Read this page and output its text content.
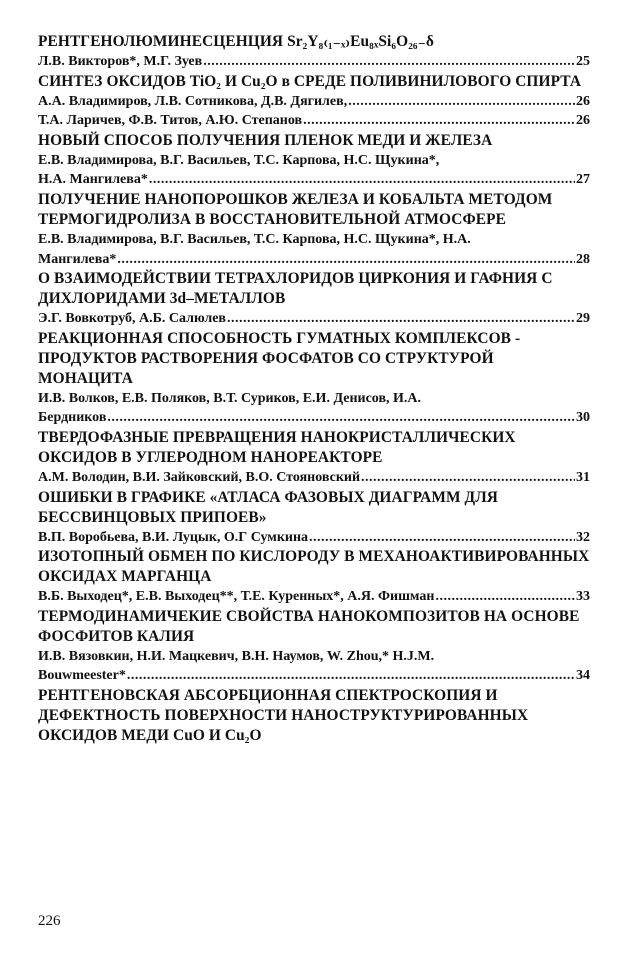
РЕНТГЕНОЛЮМИНЕСЦЕНЦИЯ Sr₂Y₈₍₁₋ₓ₎Eu₈ₓSi₆O₂₆₋δ
Л.В. Викторов*, М.Г. Зуев .....	25
СИНТЕЗ ОКСИДОВ TiO₂ И Cu₂O в СРЕДЕ ПОЛИВИНИЛОВОГО СПИРТА
А.А. Владимиров, Л.В. Сотникова, Д.В. Дягилев, .....	26
Т.А. Ларичев, Ф.В. Титов, А.Ю. Степанов .....	26
НОВЫЙ СПОСОБ ПОЛУЧЕНИЯ ПЛЕНОК МЕДИ И ЖЕЛЕЗА
Е.В. Владимирова, В.Г. Васильев, Т.С. Карпова, Н.С. Щукина*,
Н.А. Мангилева* .....	27
ПОЛУЧЕНИЕ НАНОПОРОШКОВ ЖЕЛЕЗА И КОБАЛЬТА МЕТОДОМ ТЕРМОГИДРОЛИЗА В ВОССТАНОВИТЕЛЬНОЙ АТМОСФЕРЕ
Е.В. Владимирова, В.Г. Васильев, Т.С. Карпова, Н.С. Щукина*, Н.А.
Мангилева* .....	28
О ВЗАИМОДЕЙСТВИИ ТЕТРАХЛОРИДОВ ЦИРКОНИЯ И ГАФНИЯ С ДИХЛОРИДАМИ 3d–МЕТАЛЛОВ
Э.Г. Вовкотруб, А.Б. Салюлев .....	29
РЕАКЦИОННАЯ СПОСОБНОСТЬ ГУМАТНЫХ КОМПЛЕКСОВ - ПРОДУКТОВ РАСТВОРЕНИЯ ФОСФАТОВ СО СТРУКТУРОЙ МОНАЦИТА
И.В. Волков, Е.В. Поляков, В.Т. Суриков, Е.И. Денисов, И.А.
Бердников .....	30
ТВЕРДОФАЗНЫЕ ПРЕВРАЩЕНИЯ НАНОКРИСТАЛЛИЧЕСКИХ ОКСИДОВ В УГЛЕРОДНОМ НАНОРЕАКТОРЕ
А.М. Володин, В.И. Зайковский, В.О. Стояновский .....	31
ОШИБКИ В ГРАФИКЕ «АТЛАСА ФАЗОВЫХ ДИАГРАММ ДЛЯ БЕССВИНЦОВЫХ ПРИПОЕВ»
В.П. Воробьева, В.И. Луцык, О.Г Сумкина .....	32
ИЗОТОПНЫЙ ОБМЕН ПО КИСЛОРОДУ В МЕХАНОАКТИВИРОВАННЫХ ОКСИДАХ МАРГАНЦА
В.Б. Выходец*, Е.В. Выходец**, Т.Е. Куренных*, А.Я. Фишман .....	33
ТЕРМОДИНАМИЧЕКИЕ СВОЙСТВА НАНОКОМПОЗИТОВ НА ОСНОВЕ ФОСФИТОВ КАЛИЯ
И.В. Вязовкин, Н.И. Мацкевич, В.Н. Наумов, W. Zhou,* H.J.M.
Bouwmeester* .....	34
РЕНТГЕНОВСКАЯ АБСОРБЦИОННАЯ СПЕКТРОСКОПИЯ И ДЕФЕКТНОСТЬ ПОВЕРХНОСТИ НАНОСТРУКТУРИРОВАННЫХ ОКСИДОВ МЕДИ CuO И Cu₂O
226
